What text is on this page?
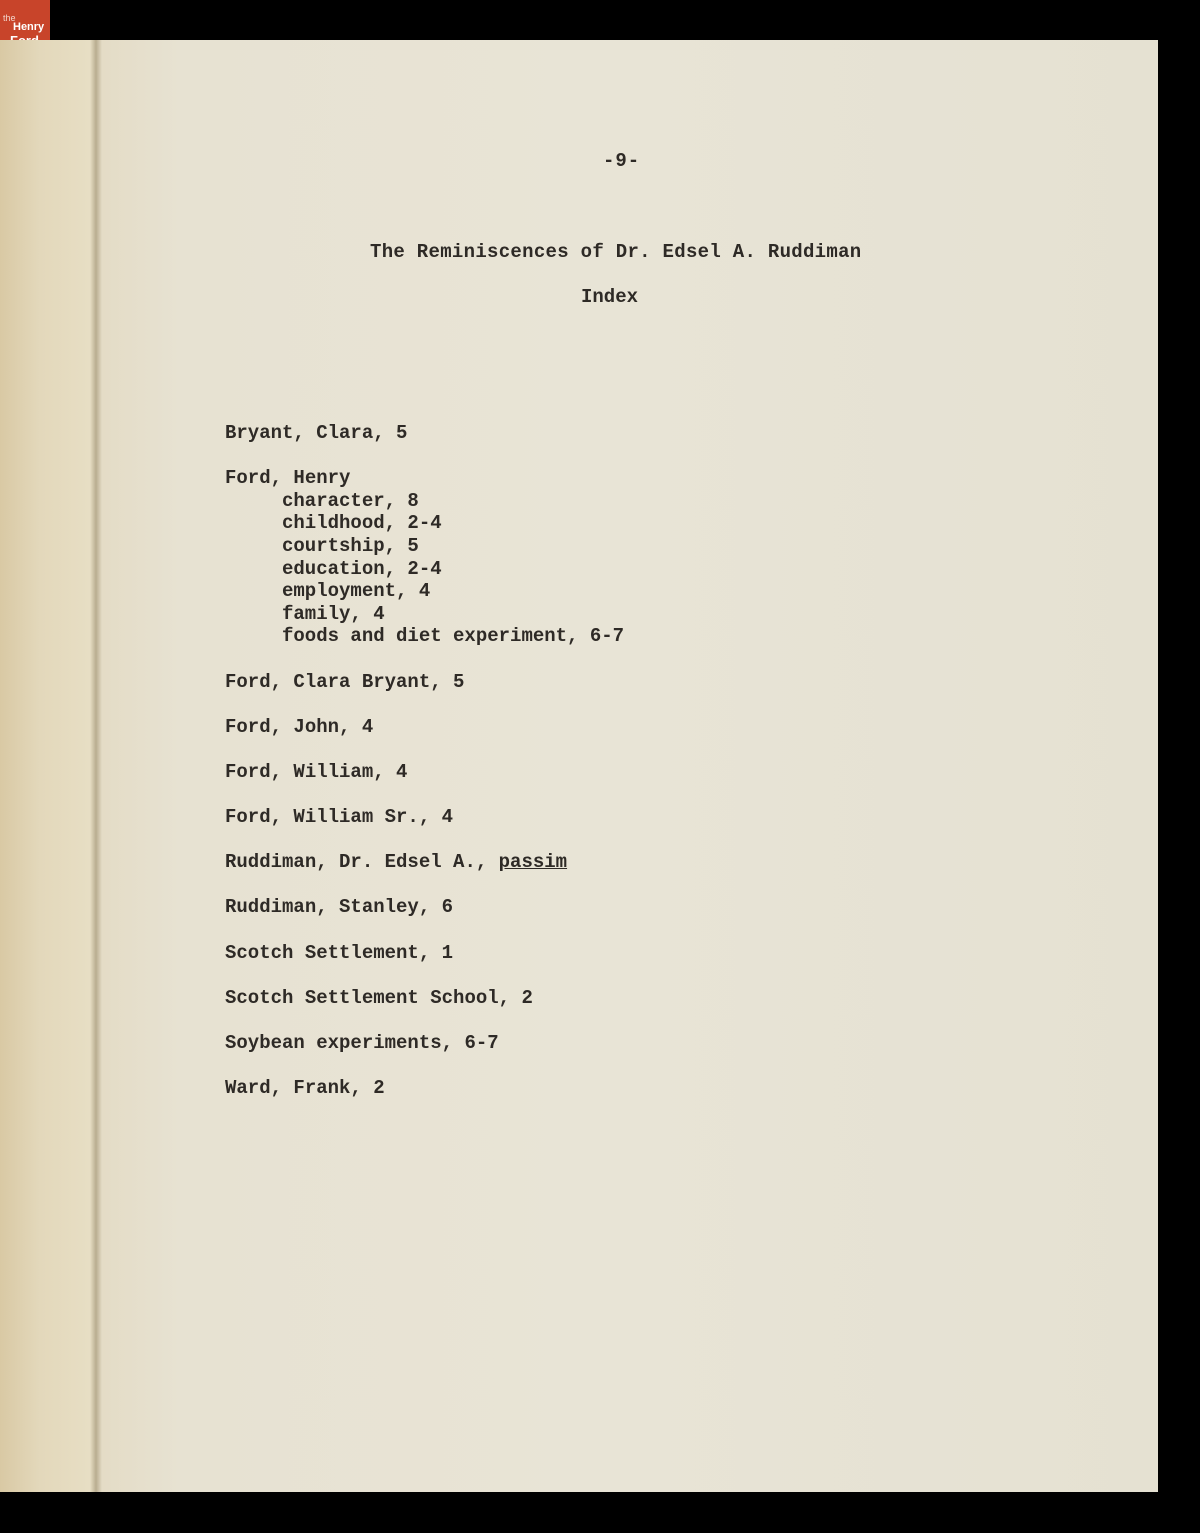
the
Henry
-9-
The Reminiscences of Dr. Edsel A. Ruddiman
Index
Bryant, Clara, 5
Ford, Henry
character, 8
childhood, 2-4
courtship, 5
education, 2-4
employment, 4
family, 4
foods and diet experiment, 6-7
Ford, Clara Bryant, 5
Ford, John, 4
Ford, William, 4
Ford, William Sr., 4
Ruddiman, Dr. Edsel A., passim
Ruddiman, Stanley, 6
Scotch Settlement, 1
Scotch Settlement School, 2
Soybean experiments, 6-7
Ward, Frank, 2
